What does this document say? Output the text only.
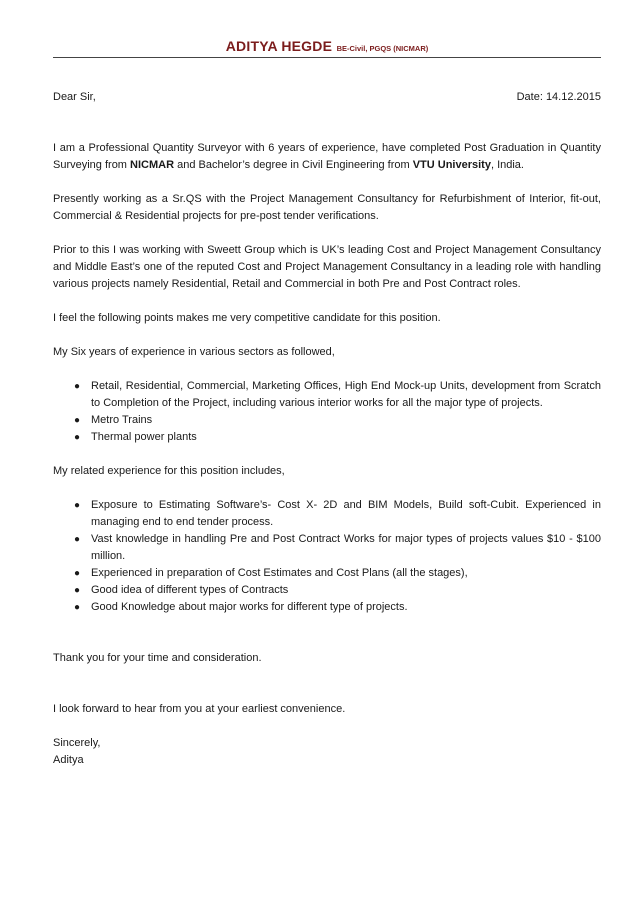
ADITYA HEGDE BE-Civil, PGQS (NICMAR)
Dear Sir,	Date: 14.12.2015

I am a Professional Quantity Surveyor with 6 years of experience, have completed Post Graduation in Quantity Surveying from NICMAR and Bachelor’s degree in Civil Engineering from VTU University, India.

Presently working as a Sr.QS with the Project Management Consultancy for Refurbishment of Interior, fit-out, Commercial & Residential projects for pre-post tender verifications.

Prior to this I was working with Sweett Group which is UK’s leading Cost and Project Management Consultancy and Middle East’s one of the reputed Cost and Project Management Consultancy in a leading role with handling various projects namely Residential, Retail and Commercial in both Pre and Post Contract roles.

I feel the following points makes me very competitive candidate for this position.

My Six years of experience in various sectors as followed,

● Retail, Residential, Commercial, Marketing Offices, High End Mock-up Units, development from Scratch to Completion of the Project, including various interior works for all the major type of projects.
● Metro Trains
● Thermal power plants

My related experience for this position includes,

● Exposure to Estimating Software’s- Cost X- 2D and BIM Models, Build soft-Cubit. Experienced in managing end to end tender process.
● Vast knowledge in handling Pre and Post Contract Works for major types of projects values $10 - $100 million.
● Experienced in preparation of Cost Estimates and Cost Plans (all the stages),
● Good idea of different types of Contracts
● Good Knowledge about major works for different type of projects.

Thank you for your time and consideration.

I look forward to hear from you at your earliest convenience.

Sincerely,
Aditya
